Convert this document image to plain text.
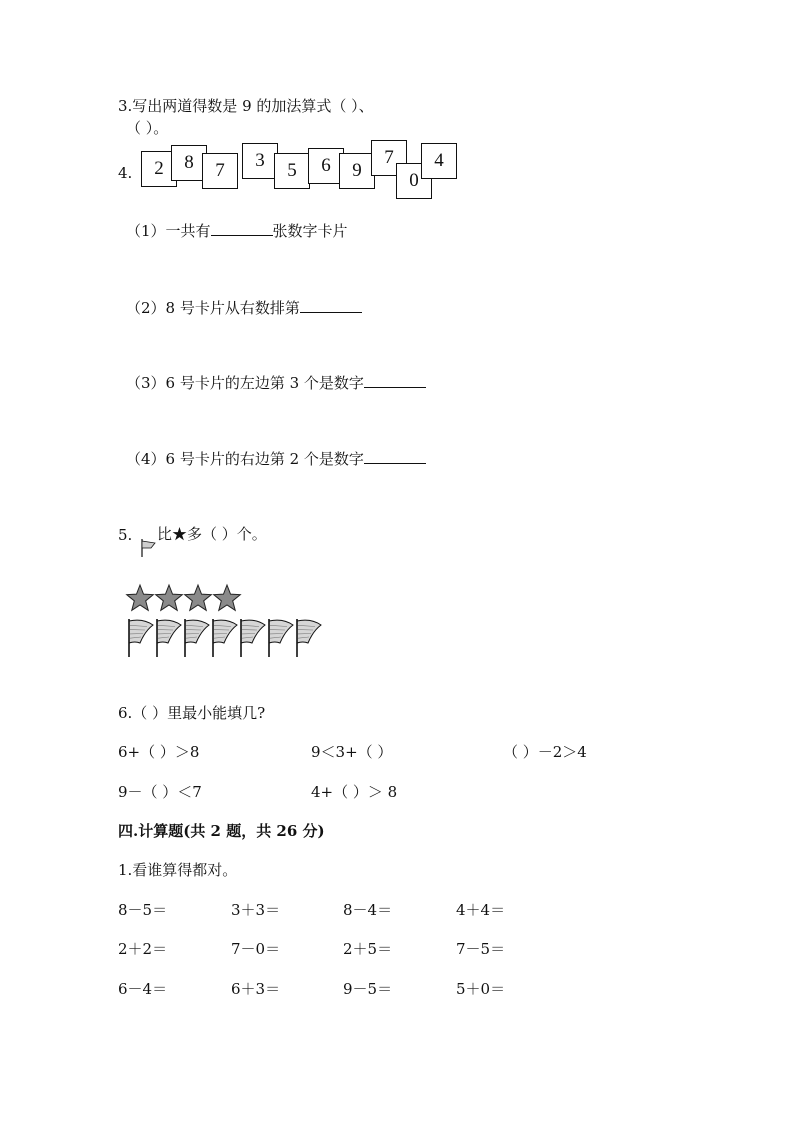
3.写出两道得数是 9 的加法算式（ ）、
（ ）。
4.	2	8	7	3	5	6	9
7
0
4
（1）一共有	张数字卡片
（2）8 号卡片从右数排第
（3）6 号卡片的左边第 3 个是数字
（4）6 号卡片的右边第 2 个是数字
5. 比★多（ ）个。
6.（ ）里最小能填几?
6+（ ）＞8	9＜3+（ ）	（ ）－2＞4
9－（ ）＜7	4+（ ）＞ 8
四.计算题(共 2 题，共 26 分)
1.看谁算得都对。
8－5＝	3＋3＝	8－4＝	4＋4＝
2＋2＝	7－0＝	2＋5＝	7－5＝
6－4＝	6＋3＝	9－5＝	5＋0＝
